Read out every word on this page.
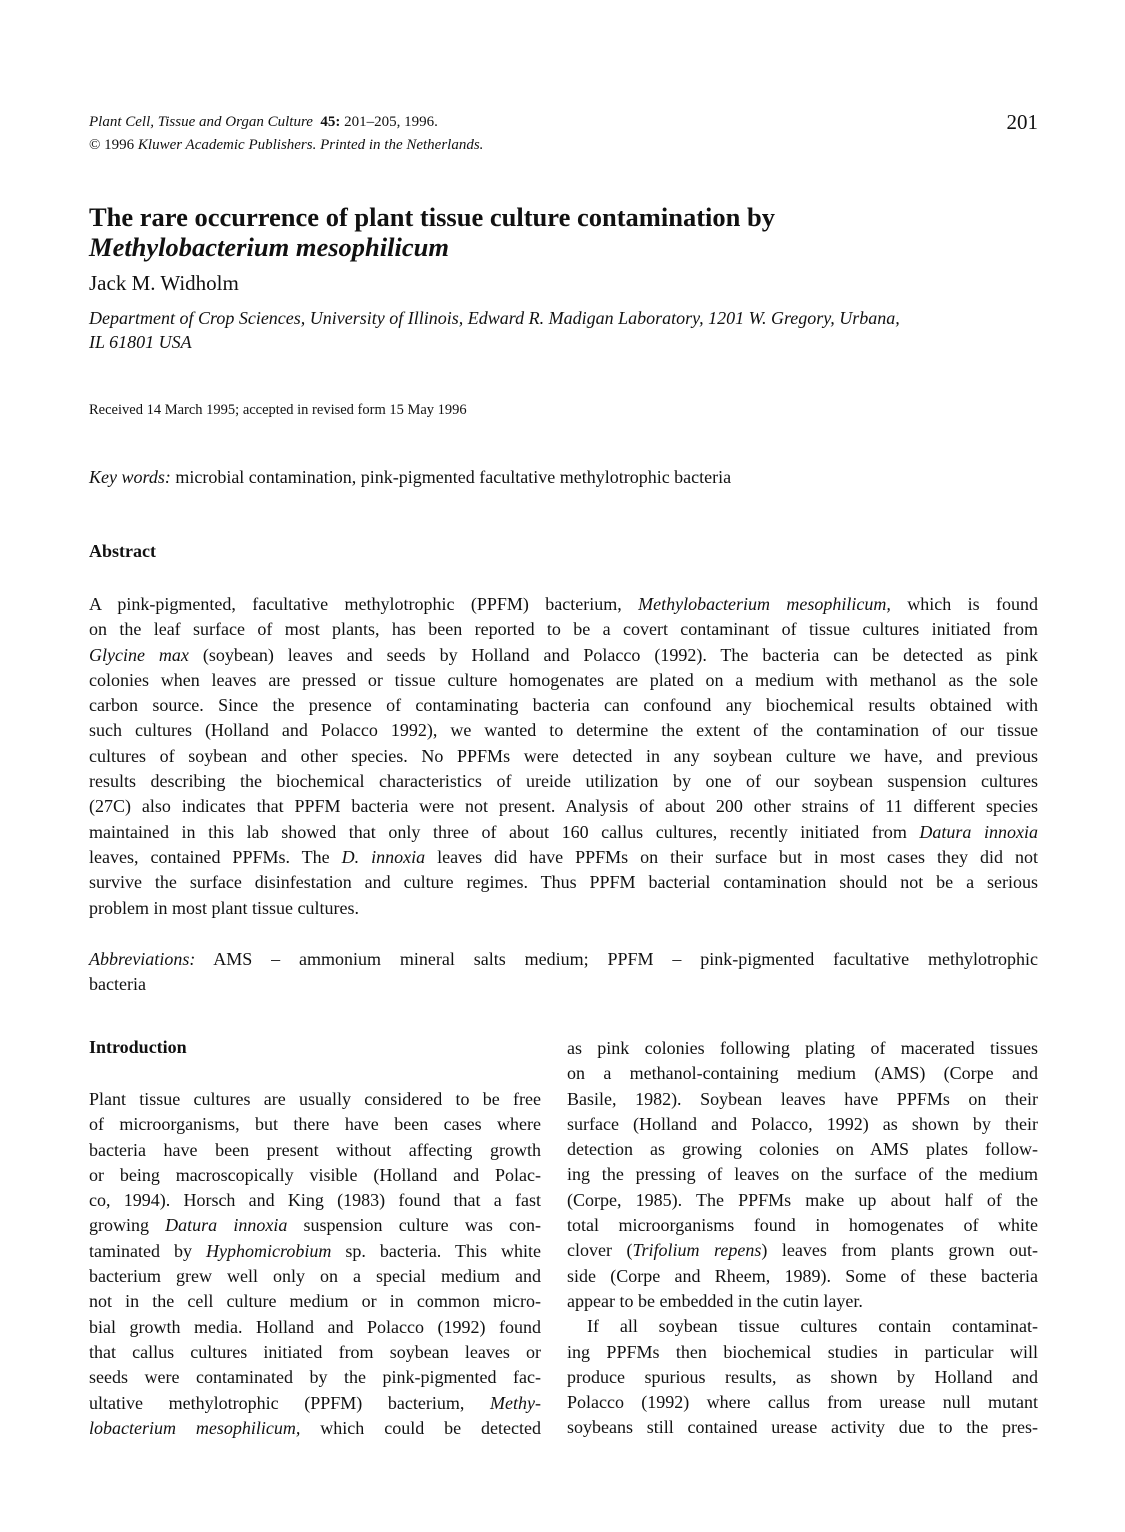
Plant Cell, Tissue and Organ Culture 45: 201–205, 1996.
© 1996 Kluwer Academic Publishers. Printed in the Netherlands.
201
The rare occurrence of plant tissue culture contamination by
Methylobacterium mesophilicum
Jack M. Widholm
Department of Crop Sciences, University of Illinois, Edward R. Madigan Laboratory, 1201 W. Gregory, Urbana,
IL 61801 USA
Received 14 March 1995; accepted in revised form 15 May 1996
Key words: microbial contamination, pink-pigmented facultative methylotrophic bacteria
Abstract
A pink-pigmented, facultative methylotrophic (PPFM) bacterium, Methylobacterium mesophilicum, which is found
on the leaf surface of most plants, has been reported to be a covert contaminant of tissue cultures initiated from
Glycine max (soybean) leaves and seeds by Holland and Polacco (1992). The bacteria can be detected as pink
colonies when leaves are pressed or tissue culture homogenates are plated on a medium with methanol as the sole
carbon source. Since the presence of contaminating bacteria can confound any biochemical results obtained with
such cultures (Holland and Polacco 1992), we wanted to determine the extent of the contamination of our tissue
cultures of soybean and other species. No PPFMs were detected in any soybean culture we have, and previous
results describing the biochemical characteristics of ureide utilization by one of our soybean suspension cultures
(27C) also indicates that PPFM bacteria were not present. Analysis of about 200 other strains of 11 different species
maintained in this lab showed that only three of about 160 callus cultures, recently initiated from Datura innoxia
leaves, contained PPFMs. The D. innoxia leaves did have PPFMs on their surface but in most cases they did not
survive the surface disinfestation and culture regimes. Thus PPFM bacterial contamination should not be a serious
problem in most plant tissue cultures.
Abbreviations: AMS – ammonium mineral salts medium; PPFM – pink-pigmented facultative methylotrophic
bacteria
Introduction
Plant tissue cultures are usually considered to be free
of microorganisms, but there have been cases where
bacteria have been present without affecting growth
or being macroscopically visible (Holland and Polac-
co, 1994). Horsch and King (1983) found that a fast
growing Datura innoxia suspension culture was con-
taminated by Hyphomicrobium sp. bacteria. This white
bacterium grew well only on a special medium and
not in the cell culture medium or in common micro-
bial growth media. Holland and Polacco (1992) found
that callus cultures initiated from soybean leaves or
seeds were contaminated by the pink-pigmented fac-
ultative methylotrophic (PPFM) bacterium, Methy-
lobacterium mesophilicum, which could be detected
as pink colonies following plating of macerated tissues
on a methanol-containing medium (AMS) (Corpe and
Basile, 1982). Soybean leaves have PPFMs on their
surface (Holland and Polacco, 1992) as shown by their
detection as growing colonies on AMS plates follow-
ing the pressing of leaves on the surface of the medium
(Corpe, 1985). The PPFMs make up about half of the
total microorganisms found in homogenates of white
clover (Trifolium repens) leaves from plants grown out-
side (Corpe and Rheem, 1989). Some of these bacteria
appear to be embedded in the cutin layer.
If all soybean tissue cultures contain contaminat-
ing PPFMs then biochemical studies in particular will
produce spurious results, as shown by Holland and
Polacco (1992) where callus from urease null mutant
soybeans still contained urease activity due to the pres-
